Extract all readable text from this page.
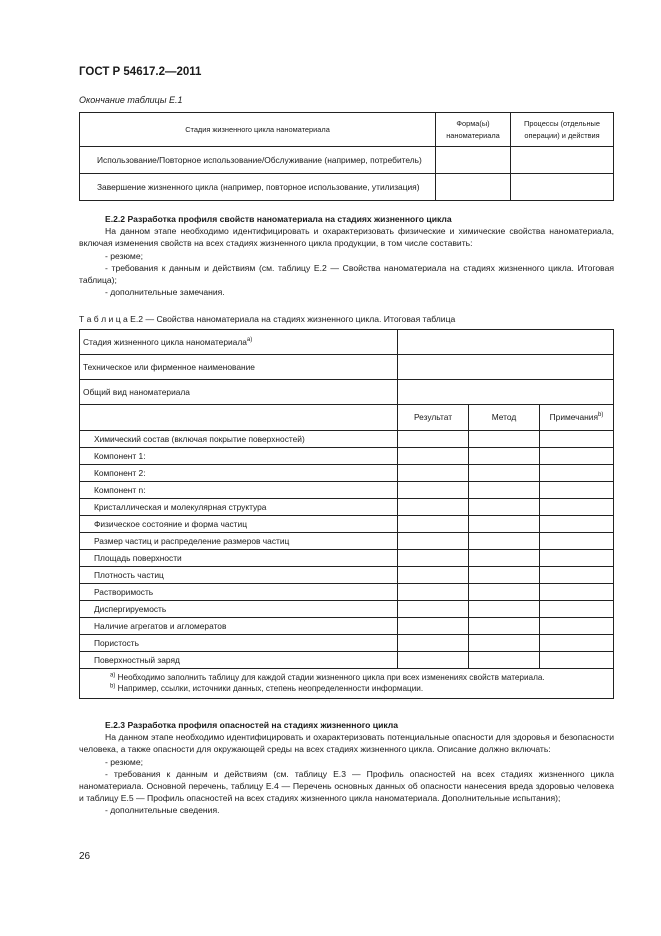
ГОСТ Р 54617.2—2011
Окончание таблицы Е.1
Стадия жизненного цикла наноматериала	Форма(ы) наноматериала	Процессы (отдельные операции) и действия
Использование/Повторное использование/Обслуживание (например, потребитель)		
Завершение жизненного цикла (например, повторное использование, утилизация)		

Е.2.2 Разработка профиля свойств наноматериала на стадиях жизненного цикла

На данном этапе необходимо идентифицировать и охарактеризовать физические и химические свойства наноматериала, включая изменения свойств на всех стадиях жизненного цикла продукции, в том числе составить:

- резюме;

- требования к данным и действиям (см. таблицу Е.2 — Свойства наноматериала на стадиях жизненного цикла. Итоговая таблица);

- дополнительные замечания.

Т а б л и ц а Е.2 — Свойства наноматериала на стадиях жизненного цикла. Итоговая таблица
Стадия жизненного цикла наноматериала$^{а)}$	
Техническое или фирменное наименование			
Общий вид наноматериала			
	Результат	Метод	Примечания$^{b)}$
Химический состав (включая покрытие поверхностей)			
Компонент 1:			
Компонент 2:			
Компонент n:			
Кристаллическая и молекулярная структура			
Физическое состояние и форма частиц			
Размер частиц и распределение размеров частиц			
Площадь поверхности			
Плотность частиц			
Растворимость			
Диспергируемость			
Наличие агрегатов и агломератов			
Пористость			
Поверхностный заряд			

$^{а)}$ Необходимо заполнить таблицу для каждой стадии жизненного цикла при всех изменениях свойств материала.
$^{b)}$ Например, ссылки, источники данных, степень неопределенности информации.			

Е.2.3 Разработка профиля опасностей на стадиях жизненного цикла

На данном этапе необходимо идентифицировать и охарактеризовать потенциальные опасности для здоровья и безопасности человека, а также опасности для окружающей среды на всех стадиях жизненного цикла. Описание должно включать:

- резюме;

- требования к данным и действиям (см. таблицу Е.3 — Профиль опасностей на всех стадиях жизненного цикла наноматериала. Основной перечень, таблицу Е.4 — Перечень основных данных об опасности нанесения вреда здоровью человека и таблицу Е.5 — Профиль опасностей на всех стадиях жизненного цикла наноматериала. Дополнительные испытания);

- дополнительные сведения.

26
